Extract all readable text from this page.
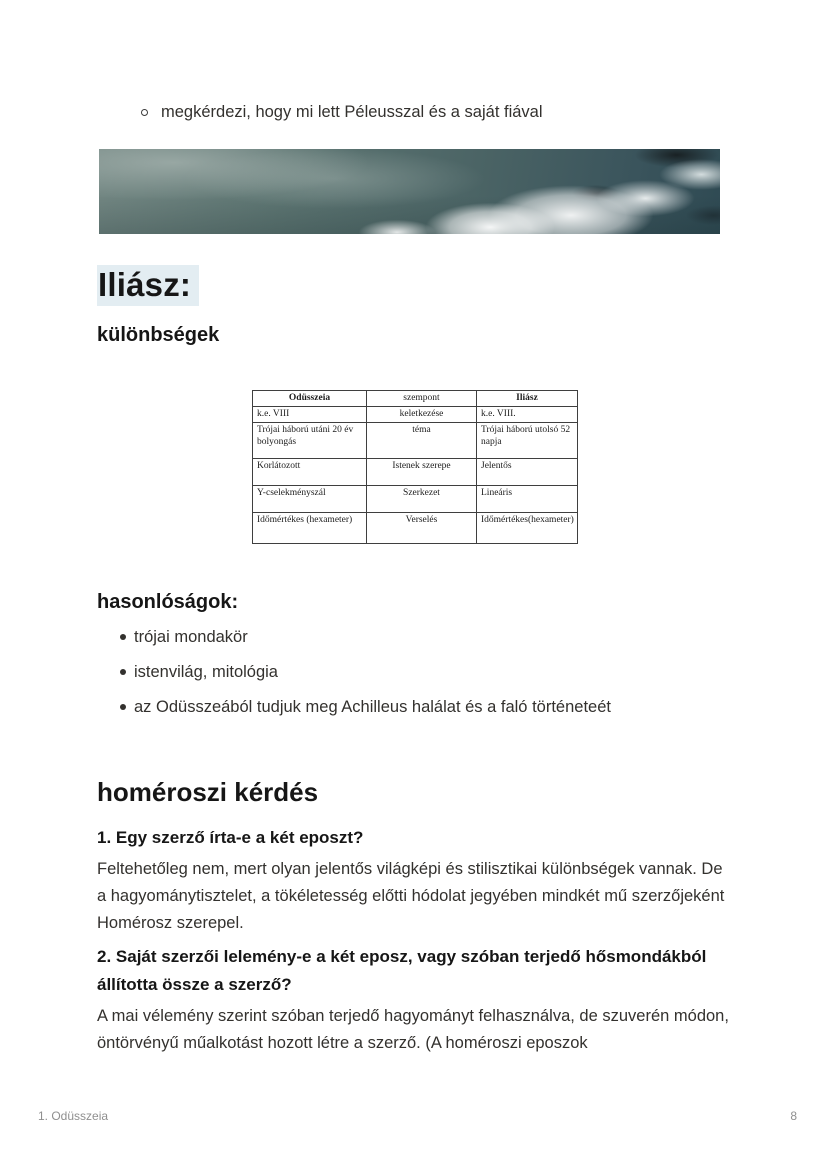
megkérdezi, hogy mi lett Péleusszal és a saját fiával
Iliász:
különbségek
Odüsszeia	szempont	Iliász
k.e. VIII	keletkezése	k.e. VIII.
Trójai háború utáni 20 év bolyongás	téma	Trójai háború utolsó 52 napja
Korlátozott	Istenek szerepe	Jelentős
Y-cselekményszál	Szerkezet	Lineáris
Időmértékes (hexameter)	Verselés	Időmértékes(hexameter)
hasonlóságok:
trójai mondakör
istenvilág, mitológia
az Odüsszeából tudjuk meg Achilleus halálat és a faló történeteét
homéroszi kérdés
1. Egy szerző írta-e a két eposzt?

Feltehetőleg nem, mert olyan jelentős világképi és stilisztikai különbségek vannak. De a hagyománytisztelet, a tökéletesség előtti hódolat jegyében mindkét mű szerzőjeként Homérosz szerepel.

2. Saját szerzői lelemény-e a két eposz, vagy szóban terjedő hősmondákból állította össze a szerző?

A mai vélemény szerint szóban terjedő hagyományt felhasználva, de szuverén módon, öntörvényű műalkotást hozott létre a szerző. (A homéroszi eposzok

1. Odüsszeia	8
